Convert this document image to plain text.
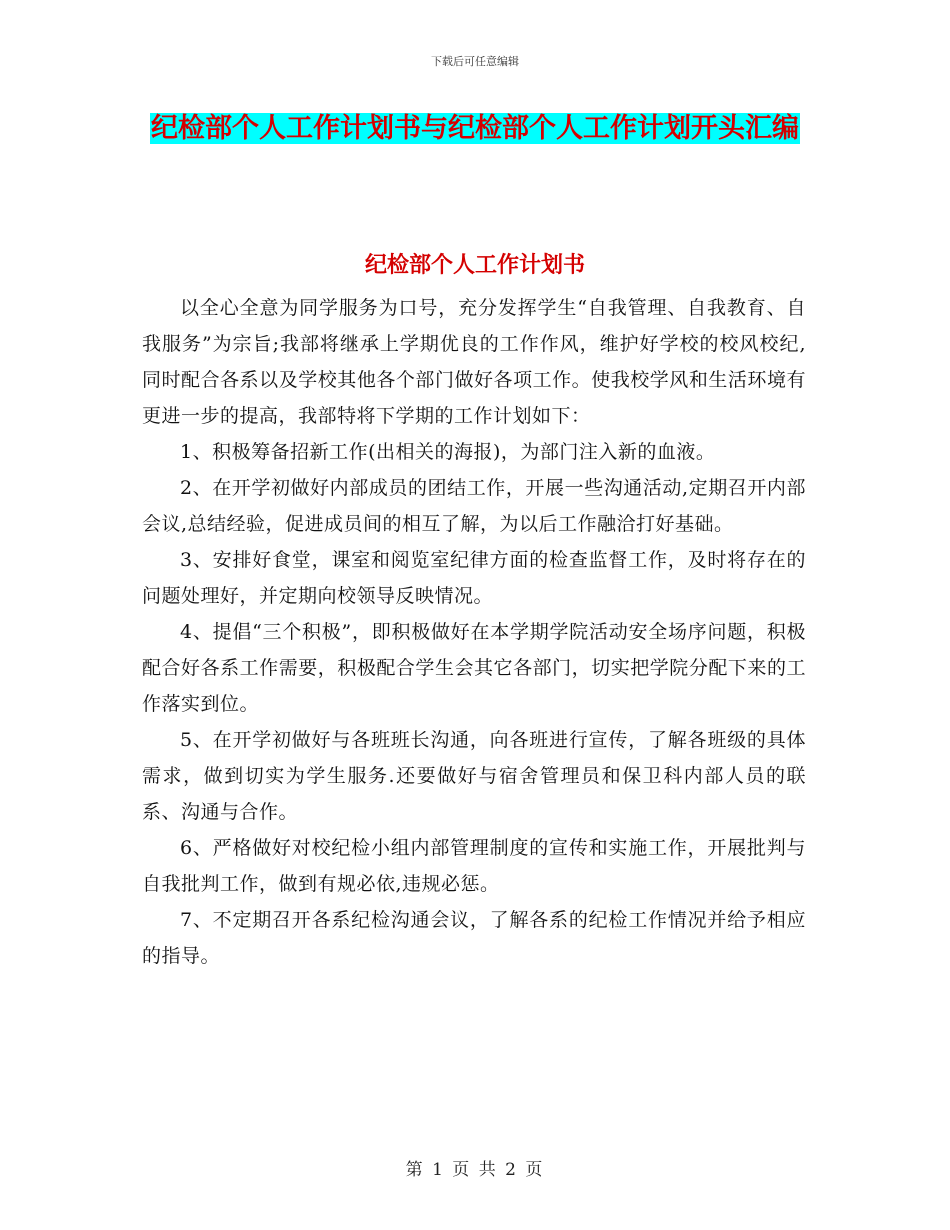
下载后可任意编辑
纪检部个人工作计划书与纪检部个人工作计划开头汇编
纪检部个人工作计划书

以全心全意为同学服务为口号，充分发挥学生“自我管理、自我教育、自我服务”为宗旨;我部将继承上学期优良的工作作风，维护好学校的校风校纪,同时配合各系以及学校其他各个部门做好各项工作。使我校学风和生活环境有更进一步的提高，我部特将下学期的工作计划如下：

1、积极筹备招新工作(出相关的海报)，为部门注入新的血液。

2、在开学初做好内部成员的团结工作，开展一些沟通活动,定期召开内部会议,总结经验，促进成员间的相互了解，为以后工作融洽打好基础。

3、安排好食堂，课室和阅览室纪律方面的检查监督工作，及时将存在的问题处理好，并定期向校领导反映情况。

4、提倡“三个积极”，即积极做好在本学期学院活动安全场序问题，积极配合好各系工作需要，积极配合学生会其它各部门，切实把学院分配下来的工作落实到位。

5、在开学初做好与各班班长沟通，向各班进行宣传，了解各班级的具体需求，做到切实为学生服务.还要做好与宿舍管理员和保卫科内部人员的联系、沟通与合作。

6、严格做好对校纪检小组内部管理制度的宣传和实施工作，开展批判与自我批判工作，做到有规必依,违规必惩。

7、不定期召开各系纪检沟通会议，了解各系的纪检工作情况并给予相应的指导。

第 1 页 共 2 页
